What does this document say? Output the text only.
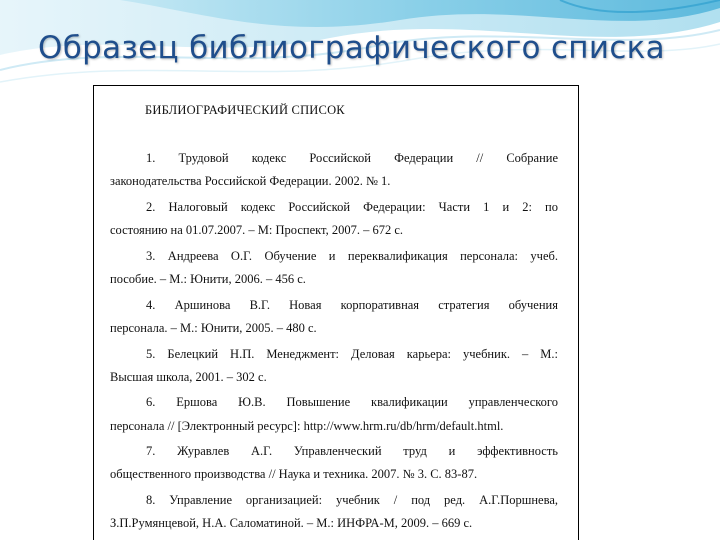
Образец библиографического списка
БИБЛИОГРАФИЧЕСКИЙ СПИСОК
1. Трудовой кодекс Российской Федерации // Собрание
законодательства Российской Федерации. 2002. № 1.
2. Налоговый кодекс Российской Федерации: Части 1 и 2: по
состоянию на 01.07.2007. – М: Проспект, 2007. – 672 с.
3. Андреева О.Г. Обучение и переквалификация персонала: учеб.
пособие. – М.: Юнити, 2006. – 456 с.
4. Аршинова В.Г. Новая корпоративная стратегия обучения
персонала. – М.: Юнити, 2005. – 480 с.
5. Белецкий Н.П. Менеджмент: Деловая карьера: учебник. – М.:
Высшая школа, 2001. – 302 с.
6. Ершова Ю.В. Повышение квалификации управленческого
персонала // [Электронный ресурс]: http://www.hrm.ru/db/hrm/default.html.
7. Журавлев А.Г. Управленческий труд и эффективность
общественного производства // Наука и техника. 2007. № 3. С. 83-87.
8. Управление организацией: учебник / под ред. А.Г.Поршнева,
З.П.Румянцевой, Н.А. Саломатиной. – М.: ИНФРА-М, 2009. – 669 с.
